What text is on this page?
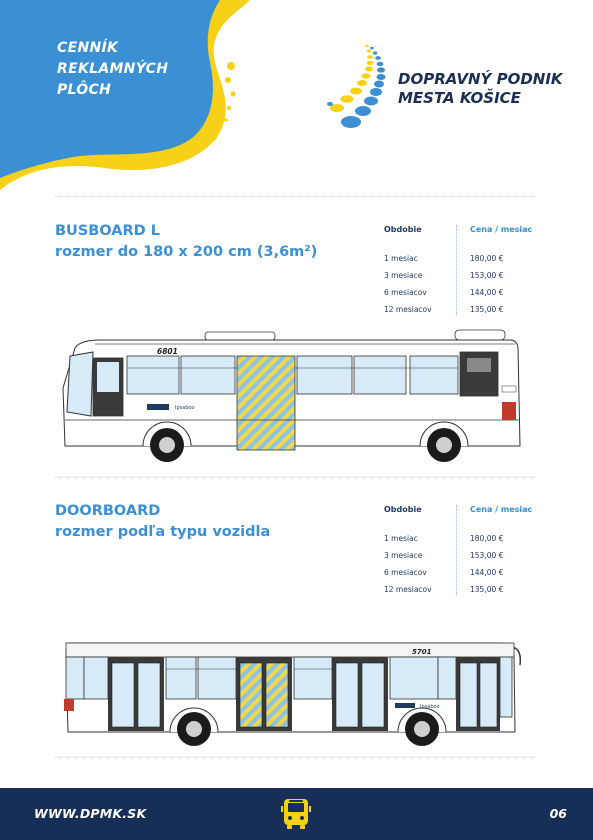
CENNÍK
REKLAMNÝCH
PLÔCH
DOPRAVNÝ PODNIK
MESTA KOŠICE
BUSBOARD L
rozmer do 180 x 200 cm (3,6m²)
Obdobie	Cena / mesiac
1 mesiac	180,00 €
3 mesiace	153,00 €
6 mesiacov	144,00 €
12 mesiacov	135,00 €
6801
Ipsaboo
DOORBOARD
rozmer podľa typu vozidla
Obdobie	Cena / mesiac
1 mesiac	180,00 €
3 mesiace	153,00 €
6 mesiacov	144,00 €
12 mesiacov	135,00 €
5701
Ipsaboo
WWW.DPMK.SK	06
